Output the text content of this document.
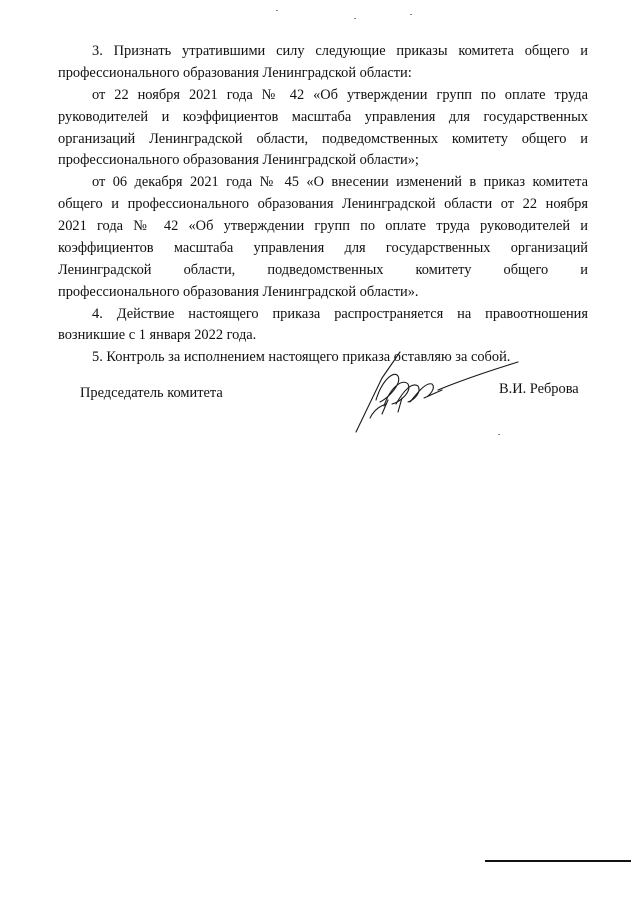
3. Признать утратившими силу следующие приказы комитета общего и
профессионального образования Ленинградской области:
от 22 ноября 2021 года № 42 «Об утверждении групп по оплате труда
руководителей и коэффициентов масштаба управления для государственных
организаций Ленинградской области, подведомственных комитету общего и
профессионального образования Ленинградской области»;
от 06 декабря 2021 года № 45 «О внесении изменений в приказ комитета
общего и профессионального образования Ленинградской области от 22 ноября
2021 года № 42 «Об утверждении групп по оплате труда руководителей и
коэффициентов масштаба управления для государственных организаций
Ленинградской области, подведомственных комитету общего и
профессионального образования Ленинградской области».
4. Действие настоящего приказа распространяется на правоотношения
возникшие с 1 января 2022 года.
5. Контроль за исполнением настоящего приказа оставляю за собой.
Председатель комитета	В.И. Реброва
